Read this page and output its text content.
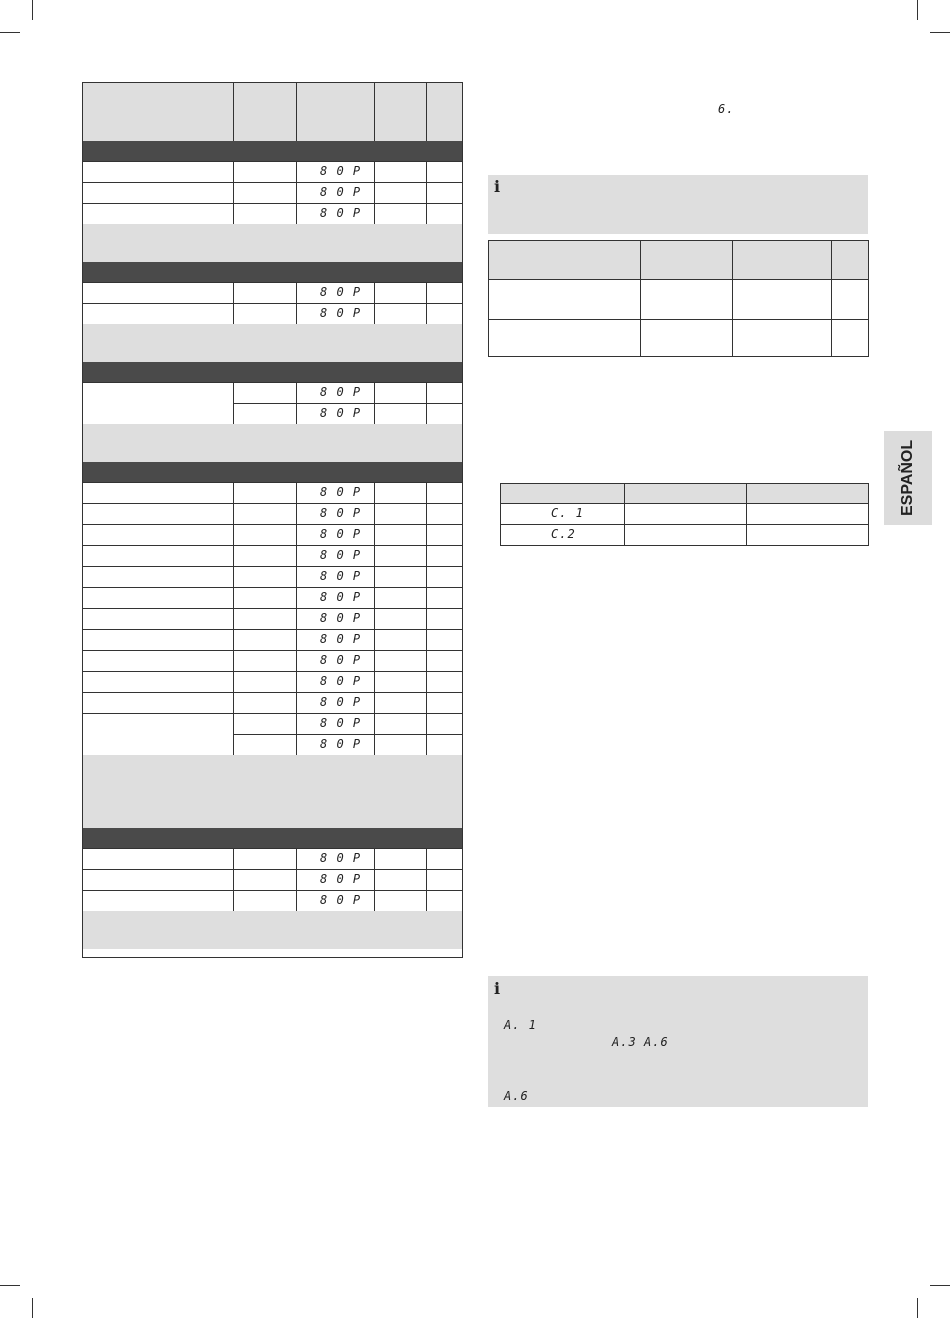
8 0 P
8 0 P
8 0 P
8 0 P
8 0 P
8 0 P
8 0 P
8 0 P
8 0 P
8 0 P
8 0 P
8 0 P
8 0 P
8 0 P
8 0 P
8 0 P
8 0 P
8 0 P
8 0 P
8 0 P
8 0 P
8 0 P
8 0 P
6.
i
C. 1
C.2
i
A. 1
A.3 A.6
A.6
ESPAÑOL
